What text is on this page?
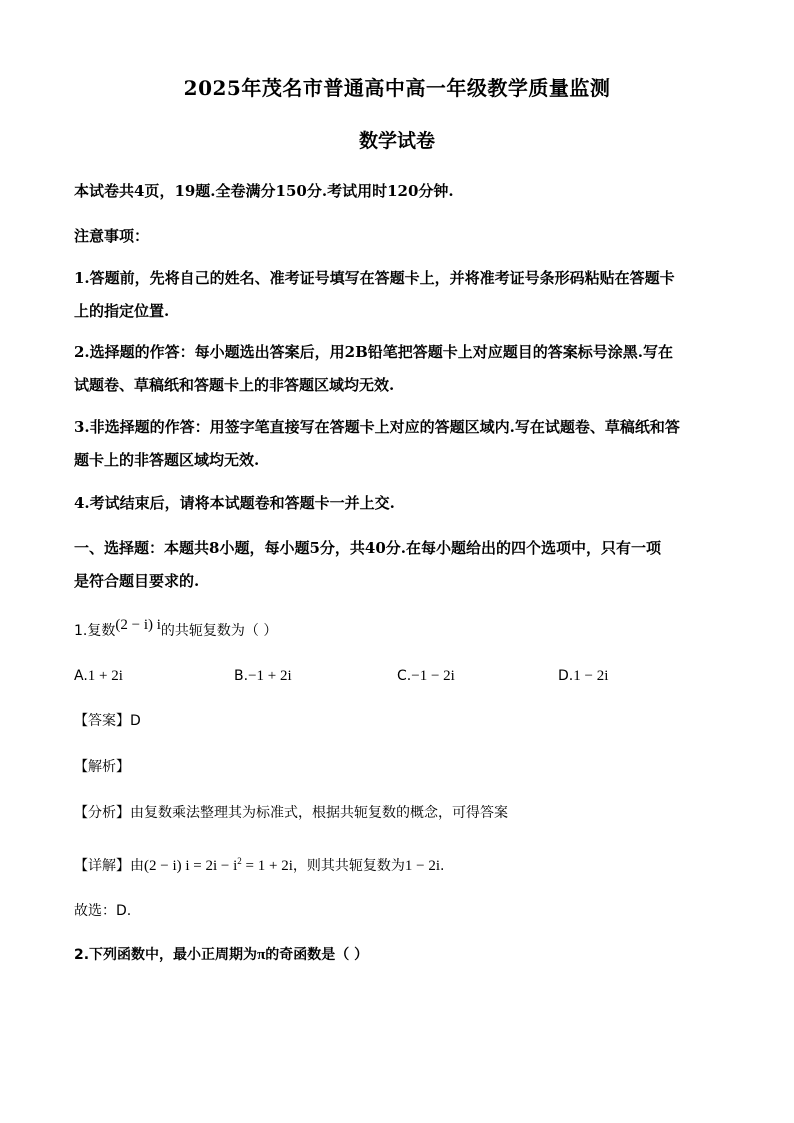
2025年茂名市普通高中高一年级教学质量监测
数学试卷
本试卷共4页，19题.全卷满分150分.考试用时120分钟.
注意事项：
1.答题前，先将自己的姓名、准考证号填写在答题卡上，并将准考证号条形码粘贴在答题卡
上的指定位置.
2.选择题的作答：每小题选出答案后，用2B铅笔把答题卡上对应题目的答案标号涂黑.写在
试题卷、草稿纸和答题卡上的非答题区域均无效.
3.非选择题的作答：用签字笔直接写在答题卡上对应的答题区域内.写在试题卷、草稿纸和答
题卡上的非答题区域均无效.
4.考试结束后，请将本试题卷和答题卡一并上交.
一、选择题：本题共8小题，每小题5分，共40分.在每小题给出的四个选项中，只有一项
是符合题目要求的.
1.复数(2 − i) i的共轭复数为（ ）
A.1 + 2i	B.−1 + 2i	C.−1 − 2i	D.1 − 2i
【答案】D
【解析】
【分析】由复数乘法整理其为标准式，根据共轭复数的概念，可得答案
【详解】由(2 − i) $i = 2i - i^2 = 1 + 2i$，则其共轭复数为1 − 2i.
故选：D.
2.下列函数中，最小正周期为π的奇函数是（ ）
